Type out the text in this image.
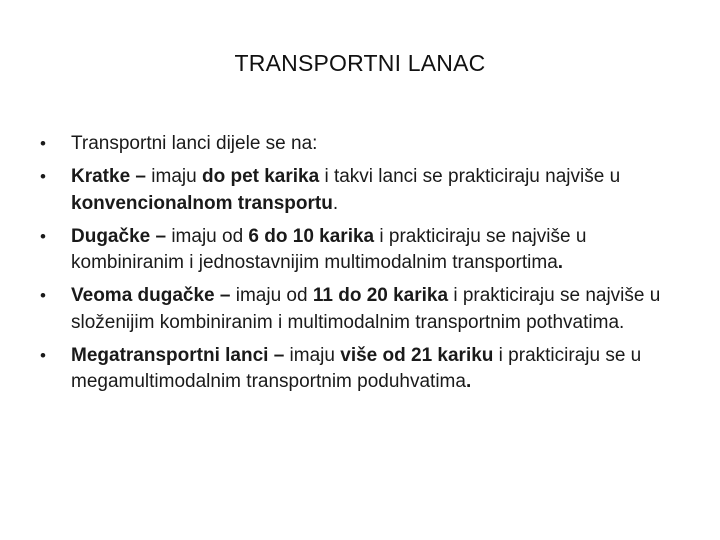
TRANSPORTNI LANAC
•	Transportni lanci dijele se na:
•	Kratke – imaju do pet karika i takvi lanci se prakticiraju najviše u konvencionalnom transportu.
•	Dugačke – imaju od 6 do 10 karika i prakticiraju se najviše u kombiniranim i jednostavnijim multimodalnim transportima.
•	Veoma dugačke – imaju od 11 do 20 karika i prakticiraju se najviše u složenijim kombiniranim i multimodalnim transportnim pothvatima.
•	Megatransportni lanci – imaju više od 21 kariku i prakticiraju se u megamultimodalnim transportnim poduhvatima.
